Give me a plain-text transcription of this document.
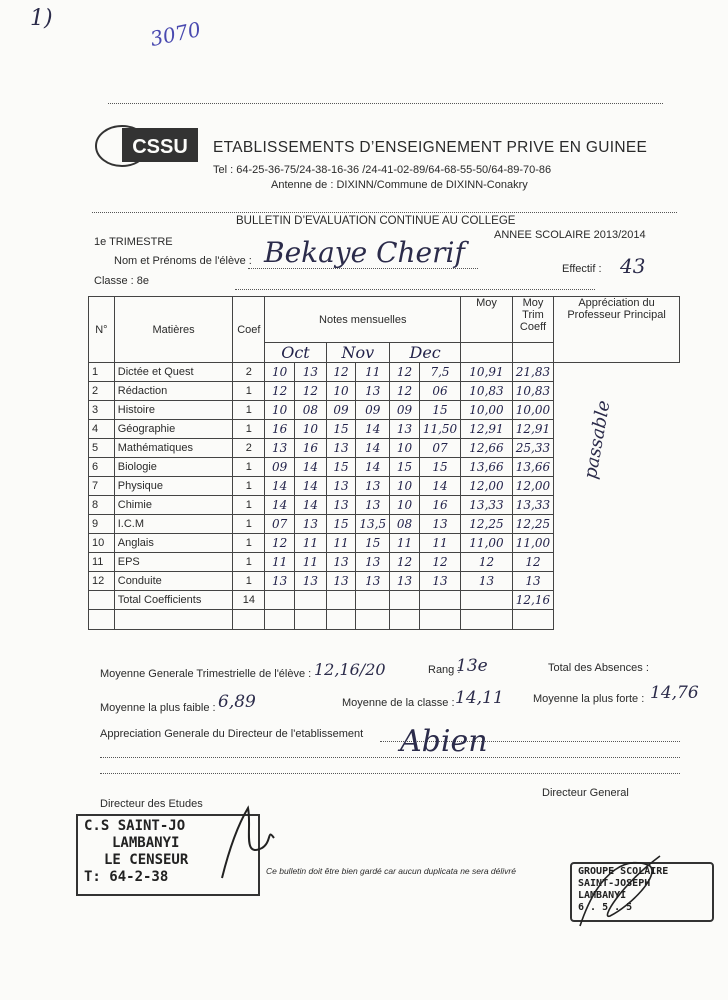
1)	3070
CSSU ETABLISSEMENTS D’ENSEIGNEMENT PRIVE EN GUINEE
Tel : 64-25-36-75/24-38-16-36 /24-41-02-89/64-68-55-50/64-89-70-86
Antenne de : DIXINN/Commune de DIXINN-Conakry
BULLETIN D’EVALUATION CONTINUE AU COLLEGE
1e TRIMESTRE
ANNEE SCOLAIRE 2013/2014
Nom et Prénoms de l'élève : Bekaye Cherif
Classe : 8e
Effectif : 43
N°	Matières	Coef	Notes mensuelles						Moy	Moy Trim Coeff	Appréciation du Professeur Principal
passable

			Oct		Nov		Dec				
1	Dictée et Quest	2	10	13	12	11	12	7,5	10,91	21,83	
2	Rédaction	1	12	12	10	13	12	06	10,83	10,83	
3	Histoire	1	10	08	09	09	09	15	10,00	10,00	
4	Géographie	1	16	10	15	14	13	11,50	12,91	12,91	
5	Mathématiques	2	13	16	13	14	10	07	12,66	25,33	
6	Biologie	1	09	14	15	14	15	15	13,66	13,66	
7	Physique	1	14	14	13	13	10	14	12,00	12,00	
8	Chimie	1	14	14	13	13	10	16	13,33	13,33	
9	I.C.M	1	07	13	15	13,5	08	13	12,25	12,25	
10	Anglais	1	12	11	11	15	11	11	11,00	11,00	
11	EPS	1	11	11	13	13	12	12	12	12	
12	Conduite	1	13	13	13	13	13	13	13	13	
	Total Coefficients	14								12,16	

Moyenne Generale Trimestrielle de l'élève : 12,16/20	Rang :
13e	Total des Absences :
Moyenne la plus faible : 6,89	Moyenne de la classe : 14,11	Moyenne la plus forte : 14,76
Appreciation Generale du Directeur de l'etablissement Abien
Directeur des Etudes
Directeur General
C.S SAINT-JO
LAMBANYI
LE CENSEUR
T: 64-2-38	Ce bulletin doit être bien gardé car aucun duplicata ne sera délivré	GROUPE SCOLAIRE
SAINT-JOSEPH
LAMBANYI
6 . 5 . 5
